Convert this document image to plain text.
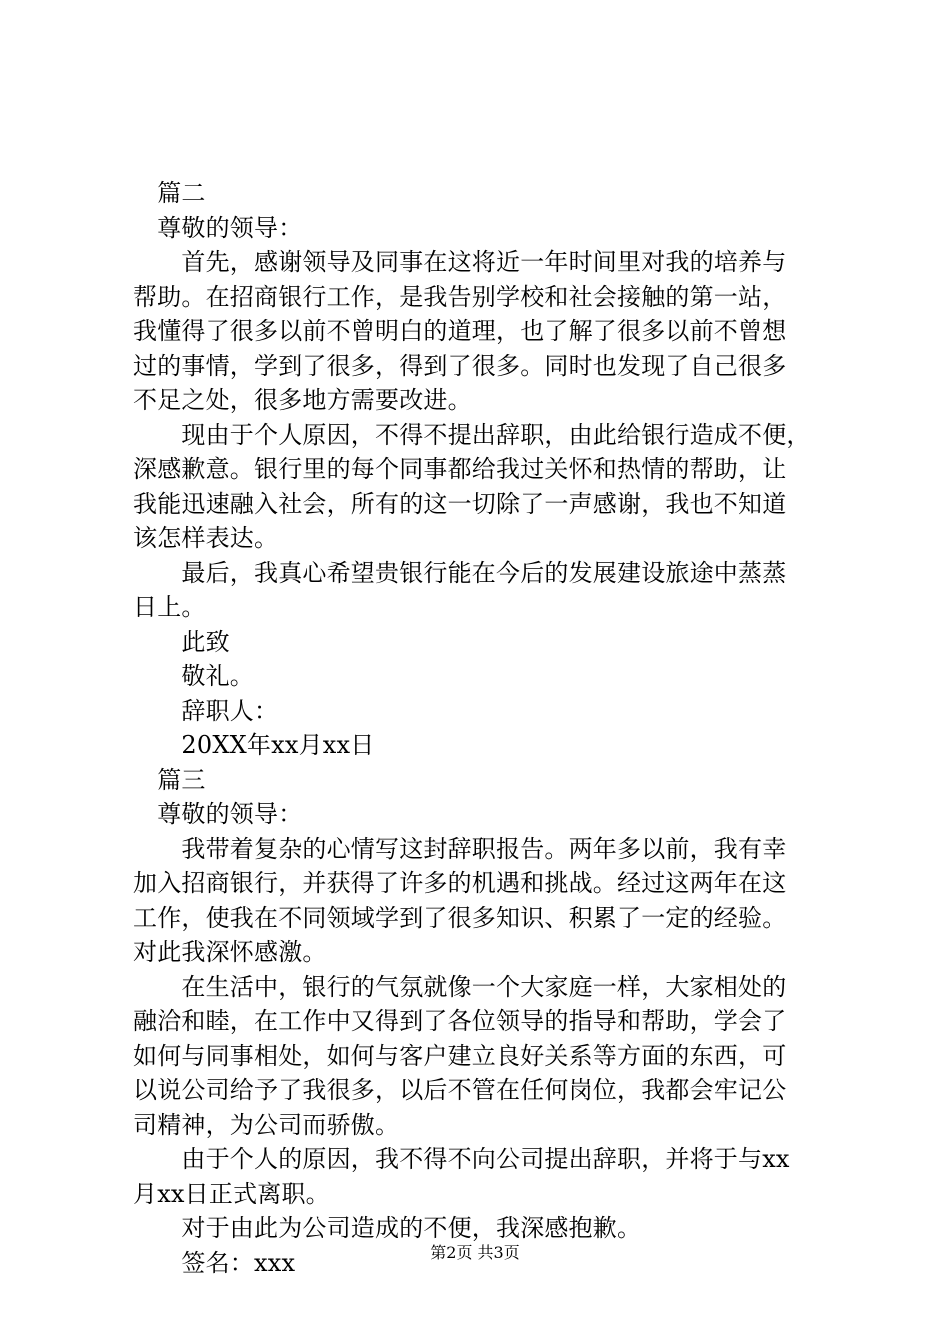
　篇二
　尊敬的领导：
　　首先，感谢领导及同事在这将近一年时间里对我的培养与
帮助。在招商银行工作，是我告别学校和社会接触的第一站，
我懂得了很多以前不曾明白的道理，也了解了很多以前不曾想
过的事情，学到了很多，得到了很多。同时也发现了自己很多
不足之处，很多地方需要改进。
　　现由于个人原因，不得不提出辞职，由此给银行造成不便，
深感歉意。银行里的每个同事都给我过关怀和热情的帮助，让
我能迅速融入社会，所有的这一切除了一声感谢，我也不知道
该怎样表达。
　　最后，我真心希望贵银行能在今后的发展建设旅途中蒸蒸
日上。
　　此致
　　敬礼。
　　辞职人：
　　20XX年xx月xx日
　篇三
　尊敬的领导：
　　我带着复杂的心情写这封辞职报告。两年多以前，我有幸
加入招商银行，并获得了许多的机遇和挑战。经过这两年在这
工作，使我在不同领域学到了很多知识、积累了一定的经验。
对此我深怀感激。
　　在生活中，银行的气氛就像一个大家庭一样，大家相处的
融洽和睦，在工作中又得到了各位领导的指导和帮助，学会了
如何与同事相处，如何与客户建立良好关系等方面的东西，可
以说公司给予了我很多，以后不管在任何岗位，我都会牢记公
司精神，为公司而骄傲。
　　由于个人的原因，我不得不向公司提出辞职，并将于与xx
月xx日正式离职。
　　对于由此为公司造成的不便，我深感抱歉。
　　签名：xxx	第2页 共3页
